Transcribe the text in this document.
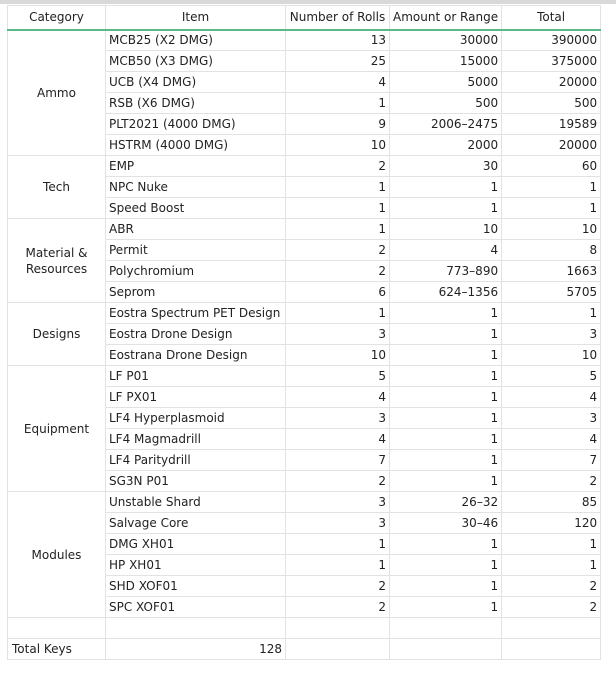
Category	Item	Number of Rolls	Amount or Range	Total
Ammo	MCB25 (X2 DMG)	13	30000	390000
	MCB50 (X3 DMG)	25	15000	375000
	UCB (X4 DMG)	4	5000	20000
	RSB (X6 DMG)	1	500	500
	PLT2021 (4000 DMG)	9	2006–2475	19589
	HSTRM (4000 DMG)	10	2000	20000
Tech	EMP	2	30	60
	NPC Nuke	1	1	1
	Speed Boost	1	1	1
Material & Resources	ABR	1	10	10
	Permit	2	4	8
	Polychromium	2	773–890	1663
	Seprom	6	624–1356	5705
Designs	Eostra Spectrum PET Design	1	1	1
	Eostra Drone Design	3	1	3
	Eostrana Drone Design	10	1	10
Equipment	LF P01	5	1	5
	LF PX01	4	1	4
	LF4 Hyperplasmoid	3	1	3
	LF4 Magmadrill	4	1	4
	LF4 Paritydrill	7	1	7
	SG3N P01	2	1	2
Modules	Unstable Shard	3	26–32	85
	Salvage Core	3	30–46	120
	DMG XH01	1	1	1
	HP XH01	1	1	1
	SHD XOF01	2	1	2
	SPC XOF01	2	1	2

Total Keys	128			
